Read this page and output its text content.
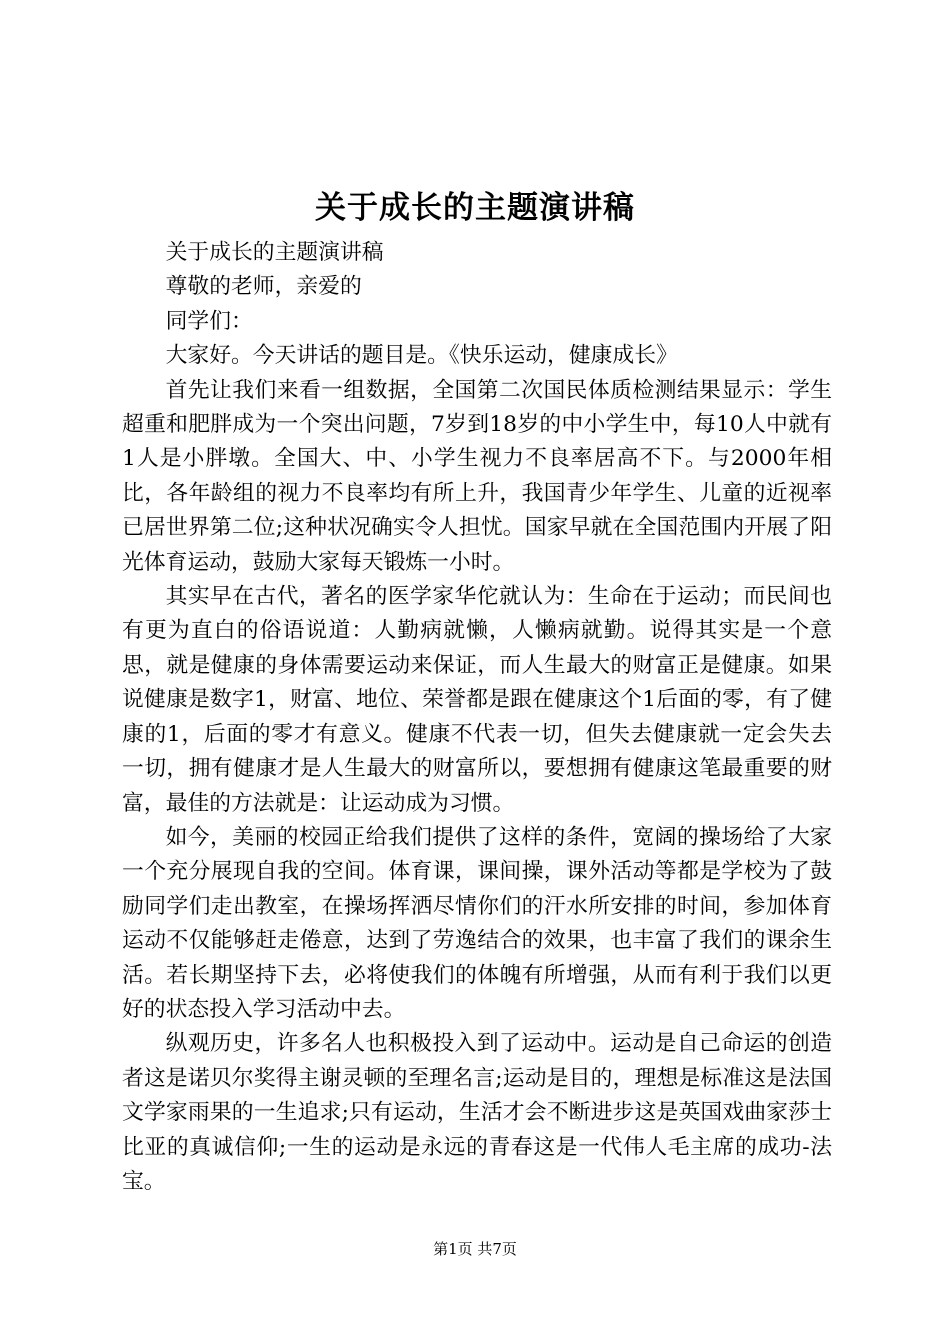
关于成长的主题演讲稿

关于成长的主题演讲稿

尊敬的老师，亲爱的

同学们：

大家好。今天讲话的题目是。《快乐运动，健康成长》

首先让我们来看一组数据，全国第二次国民体质检测结果显示：学生超重和肥胖成为一个突出问题，7岁到18岁的中小学生中，每10人中就有1人是小胖墩。全国大、中、小学生视力不良率居高不下。与2000年相比，各年龄组的视力不良率均有所上升，我国青少年学生、儿童的近视率已居世界第二位;这种状况确实令人担忧。国家早就在全国范围内开展了阳光体育运动，鼓励大家每天锻炼一小时。

其实早在古代，著名的医学家华佗就认为：生命在于运动；而民间也有更为直白的俗语说道：人勤病就懒，人懒病就勤。说得其实是一个意思，就是健康的身体需要运动来保证，而人生最大的财富正是健康。如果说健康是数字1，财富、地位、荣誉都是跟在健康这个1后面的零，有了健康的1，后面的零才有意义。健康不代表一切，但失去健康就一定会失去一切，拥有健康才是人生最大的财富所以，要想拥有健康这笔最重要的财富，最佳的方法就是：让运动成为习惯。

如今，美丽的校园正给我们提供了这样的条件，宽阔的操场给了大家一个充分展现自我的空间。体育课，课间操，课外活动等都是学校为了鼓励同学们走出教室，在操场挥洒尽情你们的汗水所安排的时间，参加体育运动不仅能够赶走倦意，达到了劳逸结合的效果，也丰富了我们的课余生活。若长期坚持下去，必将使我们的体魄有所增强，从而有利于我们以更好的状态投入学习活动中去。

纵观历史，许多名人也积极投入到了运动中。运动是自己命运的创造者这是诺贝尔奖得主谢灵顿的至理名言;运动是目的，理想是标准这是法国文学家雨果的一生追求;只有运动，生活才会不断进步这是英国戏曲家莎士比亚的真诚信仰;一生的运动是永远的青春这是一代伟人毛主席的成功-法宝。

第1页 共7页
